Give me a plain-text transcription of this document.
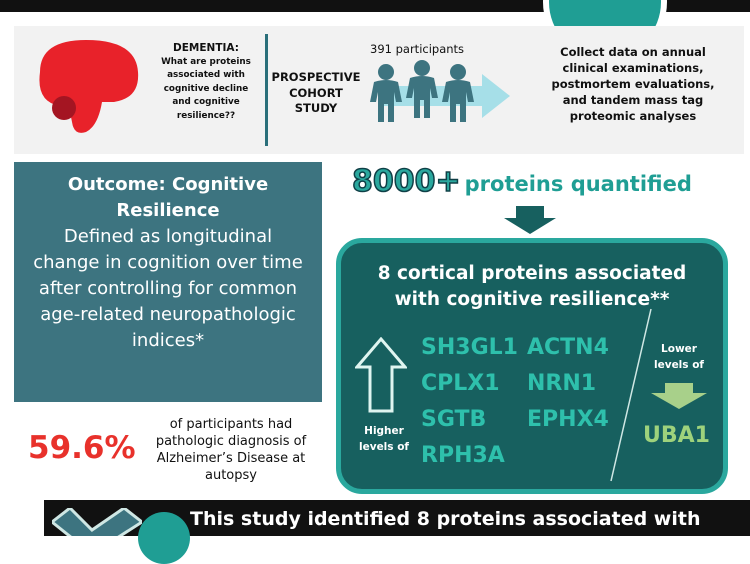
DEMENTIA:
What are proteins
associated with
cognitive decline
and cognitive
resilience??
PROSPECTIVE
COHORT
STUDY
391 participants	Collect data on annual
clinical examinations,
postmortem evaluations,
and tandem mass tag
proteomic analyses
Outcome: Cognitive
Resilience
Defined as longitudinal
change in cognition over time
after controlling for common
age-related neuropathologic
indices*
8000+ proteins quantified
8 cortical proteins associated
with cognitive resilience**
Higher
levels of
SH3GL1 ACTN4
CPLX1 NRN1
SGTB EPHX4
RPH3A
Lower
levels of
UBA1
59.6%
of participants had
pathologic diagnosis of
Alzheimer’s Disease at
autopsy
This study identified 8 proteins associated with
